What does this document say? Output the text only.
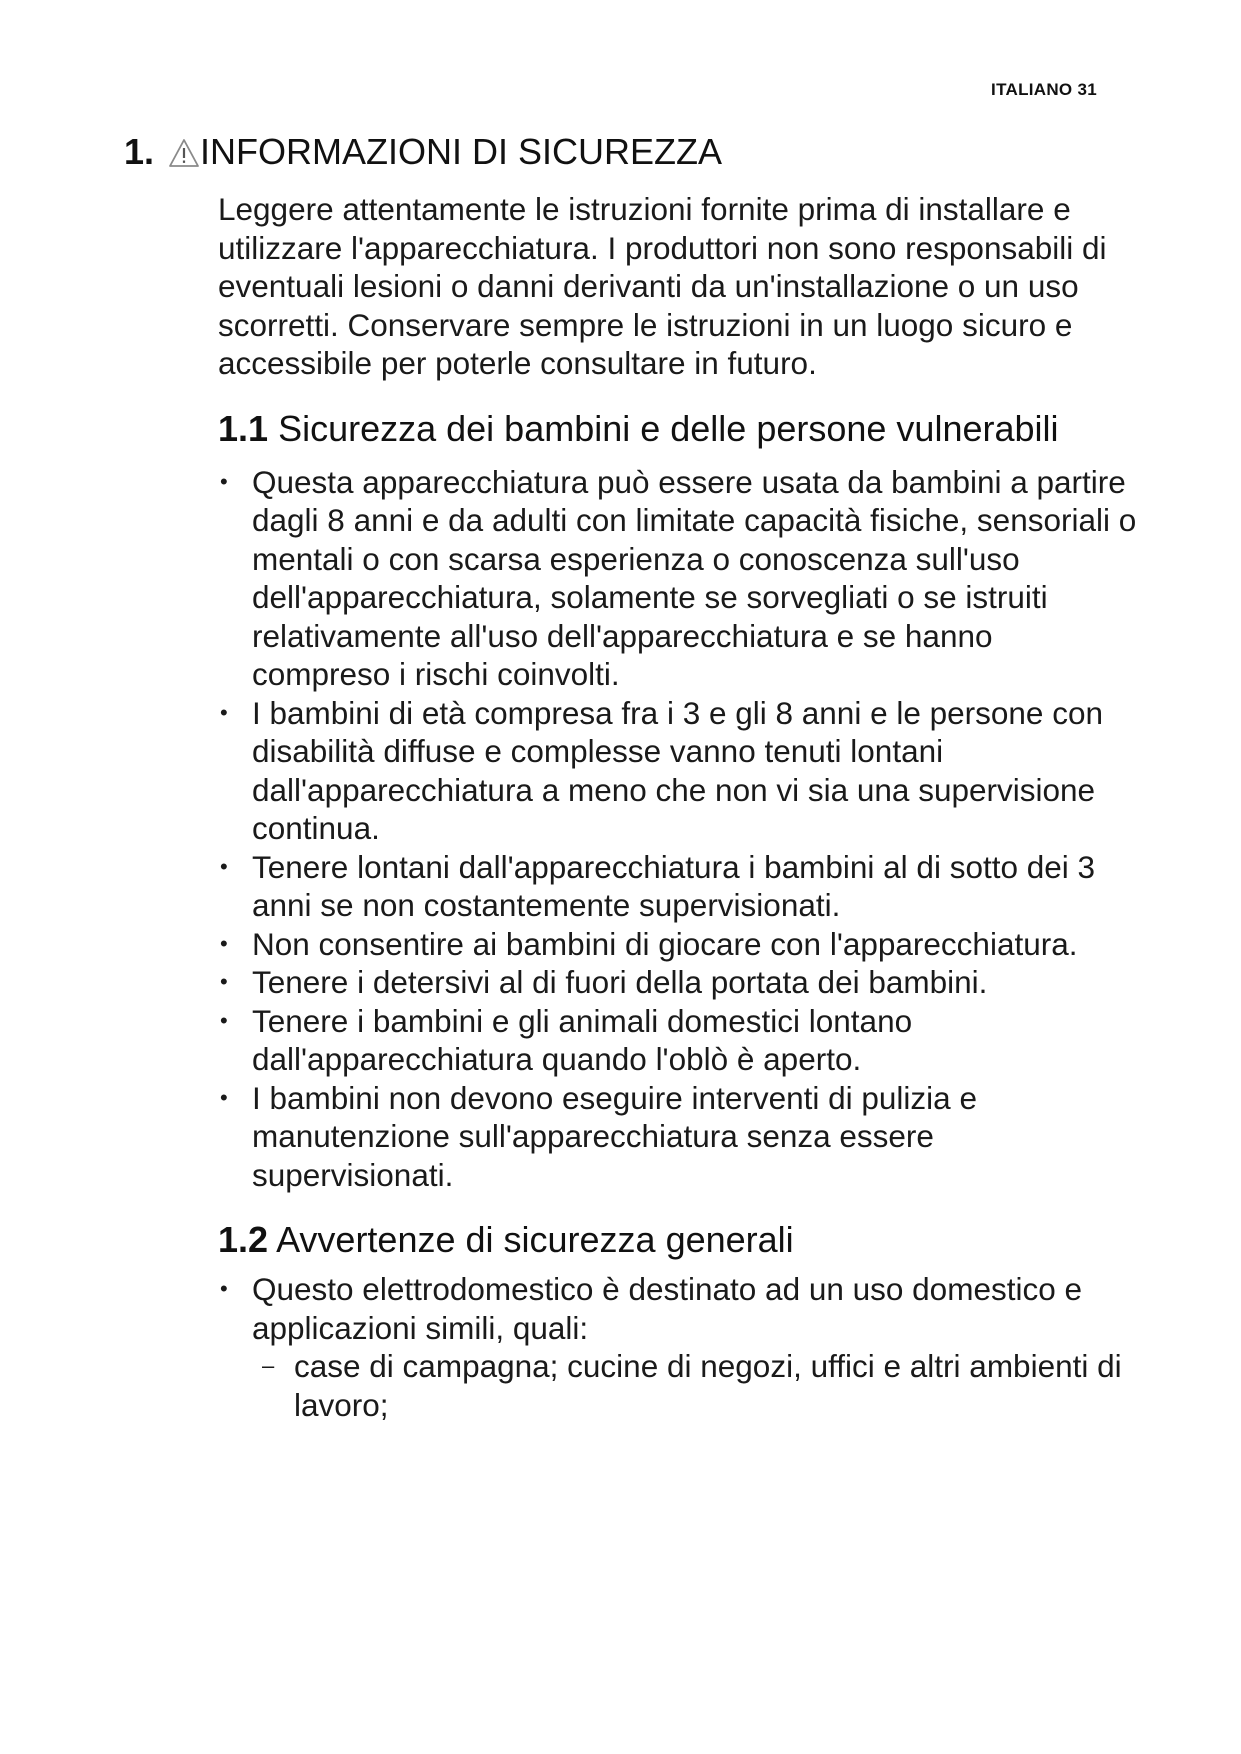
ITALIANO 31
1. INFORMAZIONI DI SICUREZZA

Leggere attentamente le istruzioni fornite prima di installare e utilizzare l'apparecchiatura. I produttori non sono responsabili di eventuali lesioni o danni derivanti da un'installazione o un uso scorretti. Conservare sempre le istruzioni in un luogo sicuro e accessibile per poterle consultare in futuro.

1.1 Sicurezza dei bambini e delle persone vulnerabili
• Questa apparecchiatura può essere usata da bambini a partire dagli 8 anni e da adulti con limitate capacità fisiche, sensoriali o mentali o con scarsa esperienza o conoscenza sull'uso dell'apparecchiatura, solamente se sorvegliati o se istruiti relativamente all'uso dell'apparecchiatura e se hanno compreso i rischi coinvolti.
• I bambini di età compresa fra i 3 e gli 8 anni e le persone con disabilità diffuse e complesse vanno tenuti lontani dall'apparecchiatura a meno che non vi sia una supervisione continua.
• Tenere lontani dall'apparecchiatura i bambini al di sotto dei 3 anni se non costantemente supervisionati.
• Non consentire ai bambini di giocare con l'apparecchiatura.
• Tenere i detersivi al di fuori della portata dei bambini.
• Tenere i bambini e gli animali domestici lontano dall'apparecchiatura quando l'oblò è aperto.
• I bambini non devono eseguire interventi di pulizia e manutenzione sull'apparecchiatura senza essere supervisionati.
1.2 Avvertenze di sicurezza generali
• Questo elettrodomestico è destinato ad un uso domestico e applicazioni simili, quali:
– case di campagna; cucine di negozi, uffici e altri ambienti di lavoro;
